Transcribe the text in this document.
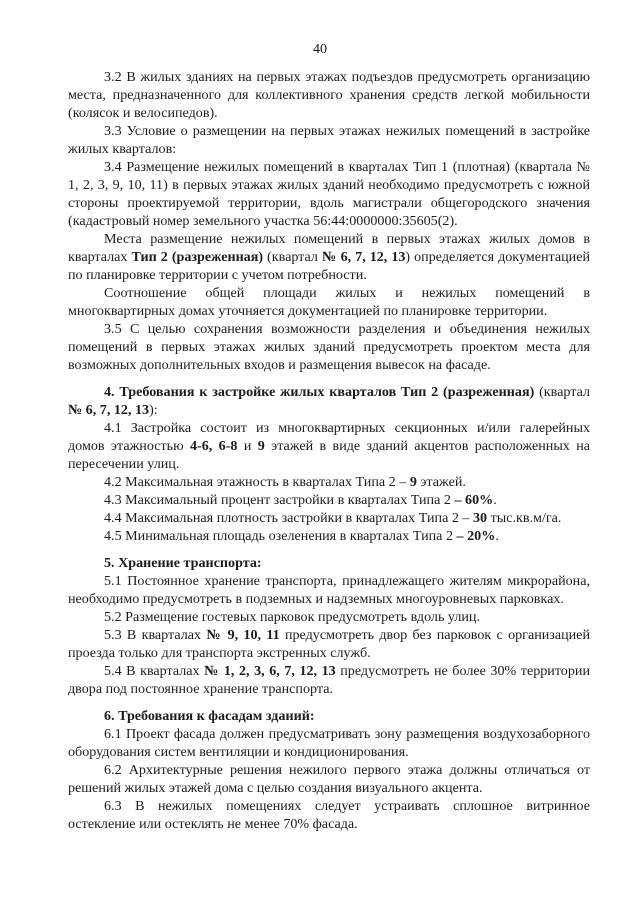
40

3.2 В жилых зданиях на первых этажах подъездов предусмотреть организацию места, предназначенного для коллективного хранения средств легкой мобильности (колясок и велосипедов).

3.3 Условие о размещении на первых этажах нежилых помещений в застройке жилых кварталов:

3.4 Размещение нежилых помещений в кварталах Тип 1 (плотная) (квартала № 1, 2, 3, 9, 10, 11) в первых этажах жилых зданий необходимо предусмотреть с южной стороны проектируемой территории, вдоль магистрали общегородского значения (кадастровый номер земельного участка 56:44:0000000:35605(2).

Места размещение нежилых помещений в первых этажах жилых домов в кварталах Тип 2 (разреженная) (квартал № 6, 7, 12, 13) определяется документацией по планировке территории с учетом потребности.

Соотношение общей площади жилых и нежилых помещений в многоквартирных домах уточняется документацией по планировке территории.

3.5 С целью сохранения возможности разделения и объединения нежилых помещений в первых этажах жилых зданий предусмотреть проектом места для возможных дополнительных входов и размещения вывесок на фасаде.

4. Требования к застройке жилых кварталов Тип 2 (разреженная) (квартал № 6, 7, 12, 13):

4.1 Застройка состоит из многоквартирных секционных и/или галерейных домов этажностью 4-6, 6-8 и 9 этажей в виде зданий акцентов расположенных на пересечении улиц.

4.2 Максимальная этажность в кварталах Типа 2 – 9 этажей.

4.3 Максимальный процент застройки в кварталах Типа 2 – 60%.

4.4 Максимальная плотность застройки в кварталах Типа 2 – 30 тыс.кв.м/га.

4.5 Минимальная площадь озеленения в кварталах Типа 2 – 20%.

5. Хранение транспорта:

5.1 Постоянное хранение транспорта, принадлежащего жителям микрорайона, необходимо предусмотреть в подземных и надземных многоуровневых парковках.

5.2 Размещение гостевых парковок предусмотреть вдоль улиц.

5.3 В кварталах № 9, 10, 11 предусмотреть двор без парковок с организацией проезда только для транспорта экстренных служб.

5.4 В кварталах № 1, 2, 3, 6, 7, 12, 13 предусмотреть не более 30% территории двора под постоянное хранение транспорта.

6. Требования к фасадам зданий:

6.1 Проект фасада должен предусматривать зону размещения воздухозаборного оборудования систем вентиляции и кондиционирования.

6.2 Архитектурные решения нежилого первого этажа должны отличаться от решений жилых этажей дома с целью создания визуального акцента.

6.3 В нежилых помещениях следует устраивать сплошное витринное остекление или остеклять не менее 70% фасада.
